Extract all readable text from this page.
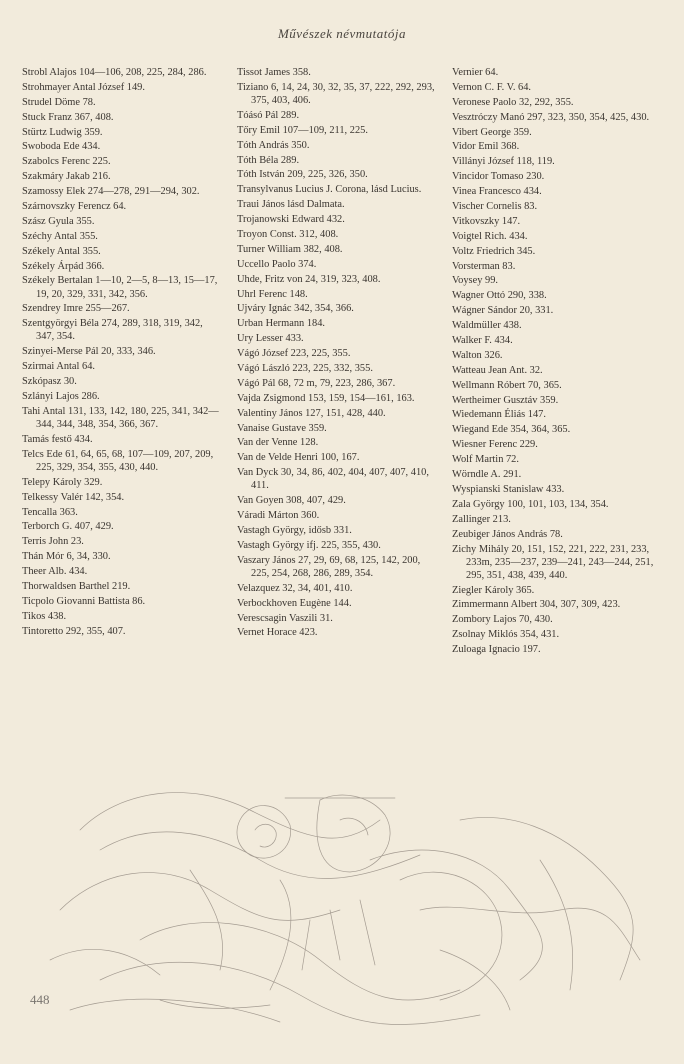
Művészek névmutatója

Strobl Alajos 104—106, 208, 225, 284, 286.

Strohmayer Antal József 149.

Strudel Döme 78.

Stuck Franz 367, 408.

Stürtz Ludwig 359.

Swoboda Ede 434.

Szabolcs Ferenc 225.

Szakmáry Jakab 216.

Szamossy Elek 274—278, 291—294, 302.

Szárnovszky Ferencz 64.

Szász Gyula 355.

Széchy Antal 355.

Székely Antal 355.

Székely Árpád 366.

Székely Bertalan 1—10, 2—5, 8—13, 15—17, 19, 20, 329, 331, 342, 356.

Szendrey Imre 255—267.

Szentgyörgyi Béla 274, 289, 318, 319, 342, 347, 354.

Szinyei-Merse Pál 20, 333, 346.

Szirmai Antal 64.

Szkópasz 30.

Szlányi Lajos 286.

Tahi Antal 131, 133, 142, 180, 225, 341, 342—344, 344, 348, 354, 366, 367.

Tamás festő 434.

Telcs Ede 61, 64, 65, 68, 107—109, 207, 209, 225, 329, 354, 355, 430, 440.

Telepy Károly 329.

Telkessy Valér 142, 354.

Tencalla 363.

Terborch G. 407, 429.

Terris John 23.

Thán Mór 6, 34, 330.

Theer Alb. 434.

Thorwaldsen Barthel 219.

Ticpolo Giovanni Battista 86.

Tikos 438.

Tintoretto 292, 355, 407.

Tissot James 358.

Tiziano 6, 14, 24, 30, 32, 35, 37, 222, 292, 293, 375, 403, 406.

Tóásó Pál 289.

Tőry Emil 107—109, 211, 225.

Tóth András 350.

Tóth Béla 289.

Tóth István 209, 225, 326, 350.

Transylvanus Lucius J. Corona, lásd Lucius.

Traui János lásd Dalmata.

Trojanowski Edward 432.

Troyon Const. 312, 408.

Turner William 382, 408.

Uccello Paolo 374.

Uhde, Fritz von 24, 319, 323, 408.

Uhrl Ferenc 148.

Ujváry Ignác 342, 354, 366.

Urban Hermann 184.

Ury Lesser 433.

Vágó József 223, 225, 355.

Vágó László 223, 225, 332, 355.

Vágó Pál 68, 72 m, 79, 223, 286, 367.

Vajda Zsigmond 153, 159, 154—161, 163.

Valentiny János 127, 151, 428, 440.

Vanaise Gustave 359.

Van der Venne 128.

Van de Velde Henri 100, 167.

Van Dyck 30, 34, 86, 402, 404, 407, 407, 410, 411.

Van Goyen 308, 407, 429.

Váradi Márton 360.

Vastagh György, idősb 331.

Vastagh György ifj. 225, 355, 430.

Vaszary János 27, 29, 69, 68, 125, 142, 200, 225, 254, 268, 286, 289, 354.

Velazquez 32, 34, 401, 410.

Verbockhoven Eugène 144.

Verescsagin Vaszili 31.

Vernet Horace 423.

Vernier 64.

Vernon C. F. V. 64.

Veronese Paolo 32, 292, 355.

Vesztróczy Manó 297, 323, 350, 354, 425, 430.

Vibert George 359.

Vidor Emil 368.

Villányi József 118, 119.

Vincidor Tomaso 230.

Vinea Francesco 434.

Vischer Cornelis 83.

Vitkovszky 147.

Voigtel Rich. 434.

Voltz Friedrich 345.

Vorsterman 83.

Voysey 99.

Wagner Ottó 290, 338.

Wágner Sándor 20, 331.

Waldmüller 438.

Walker F. 434.

Walton 326.

Watteau Jean Ant. 32.

Wellmann Róbert 70, 365.

Wertheimer Gusztáv 359.

Wiedemann Éliás 147.

Wiegand Ede 354, 364, 365.

Wiesner Ferenc 229.

Wolf Martin 72.

Wörndle A. 291.

Wyspianski Stanislaw 433.

Zala György 100, 101, 103, 134, 354.

Zallinger 213.

Zeubiger János András 78.

Zichy Mihály 20, 151, 152, 221, 222, 231, 233, 233m, 235—237, 239—241, 243—244, 251, 295, 351, 438, 439, 440.

Ziegler Károly 365.

Zimmermann Albert 304, 307, 309, 423.

Zombory Lajos 70, 430.

Zsolnay Miklós 354, 431.

Zuloaga Ignacio 197.

448
